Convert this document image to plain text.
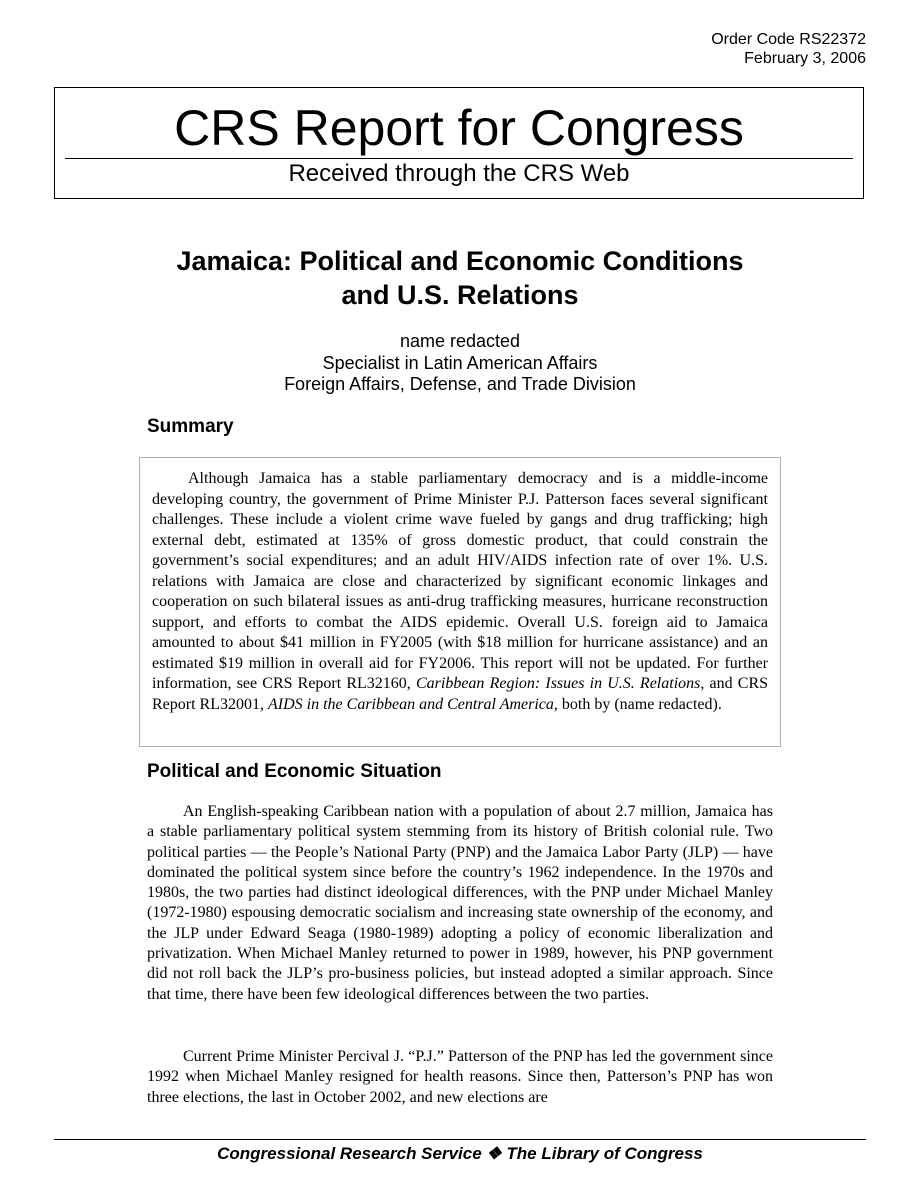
Order Code RS22372
February 3, 2006
CRS Report for Congress
Received through the CRS Web
Jamaica: Political and Economic Conditions
and U.S. Relations
name redacted
Specialist in Latin American Affairs
Foreign Affairs, Defense, and Trade Division
Summary

Although Jamaica has a stable parliamentary democracy and is a middle-income developing country, the government of Prime Minister P.J. Patterson faces several significant challenges. These include a violent crime wave fueled by gangs and drug trafficking; high external debt, estimated at 135% of gross domestic product, that could constrain the government’s social expenditures; and an adult HIV/AIDS infection rate of over 1%. U.S. relations with Jamaica are close and characterized by significant economic linkages and cooperation on such bilateral issues as anti-drug trafficking measures, hurricane reconstruction support, and efforts to combat the AIDS epidemic. Overall U.S. foreign aid to Jamaica amounted to about $41 million in FY2005 (with $18 million for hurricane assistance) and an estimated $19 million in overall aid for FY2006. This report will not be updated. For further information, see CRS Report RL32160, Caribbean Region: Issues in U.S. Relations, and CRS Report RL32001, AIDS in the Caribbean and Central America, both by (name redacted).

Political and Economic Situation

An English-speaking Caribbean nation with a population of about 2.7 million, Jamaica has a stable parliamentary political system stemming from its history of British colonial rule. Two political parties — the People’s National Party (PNP) and the Jamaica Labor Party (JLP) — have dominated the political system since before the country’s 1962 independence. In the 1970s and 1980s, the two parties had distinct ideological differences, with the PNP under Michael Manley (1972-1980) espousing democratic socialism and increasing state ownership of the economy, and the JLP under Edward Seaga (1980-1989) adopting a policy of economic liberalization and privatization. When Michael Manley returned to power in 1989, however, his PNP government did not roll back the JLP’s pro-business policies, but instead adopted a similar approach. Since that time, there have been few ideological differences between the two parties.

Current Prime Minister Percival J. “P.J.” Patterson of the PNP has led the government since 1992 when Michael Manley resigned for health reasons. Since then, Patterson’s PNP has won three elections, the last in October 2002, and new elections are

Congressional Research Service ❖ The Library of Congress
